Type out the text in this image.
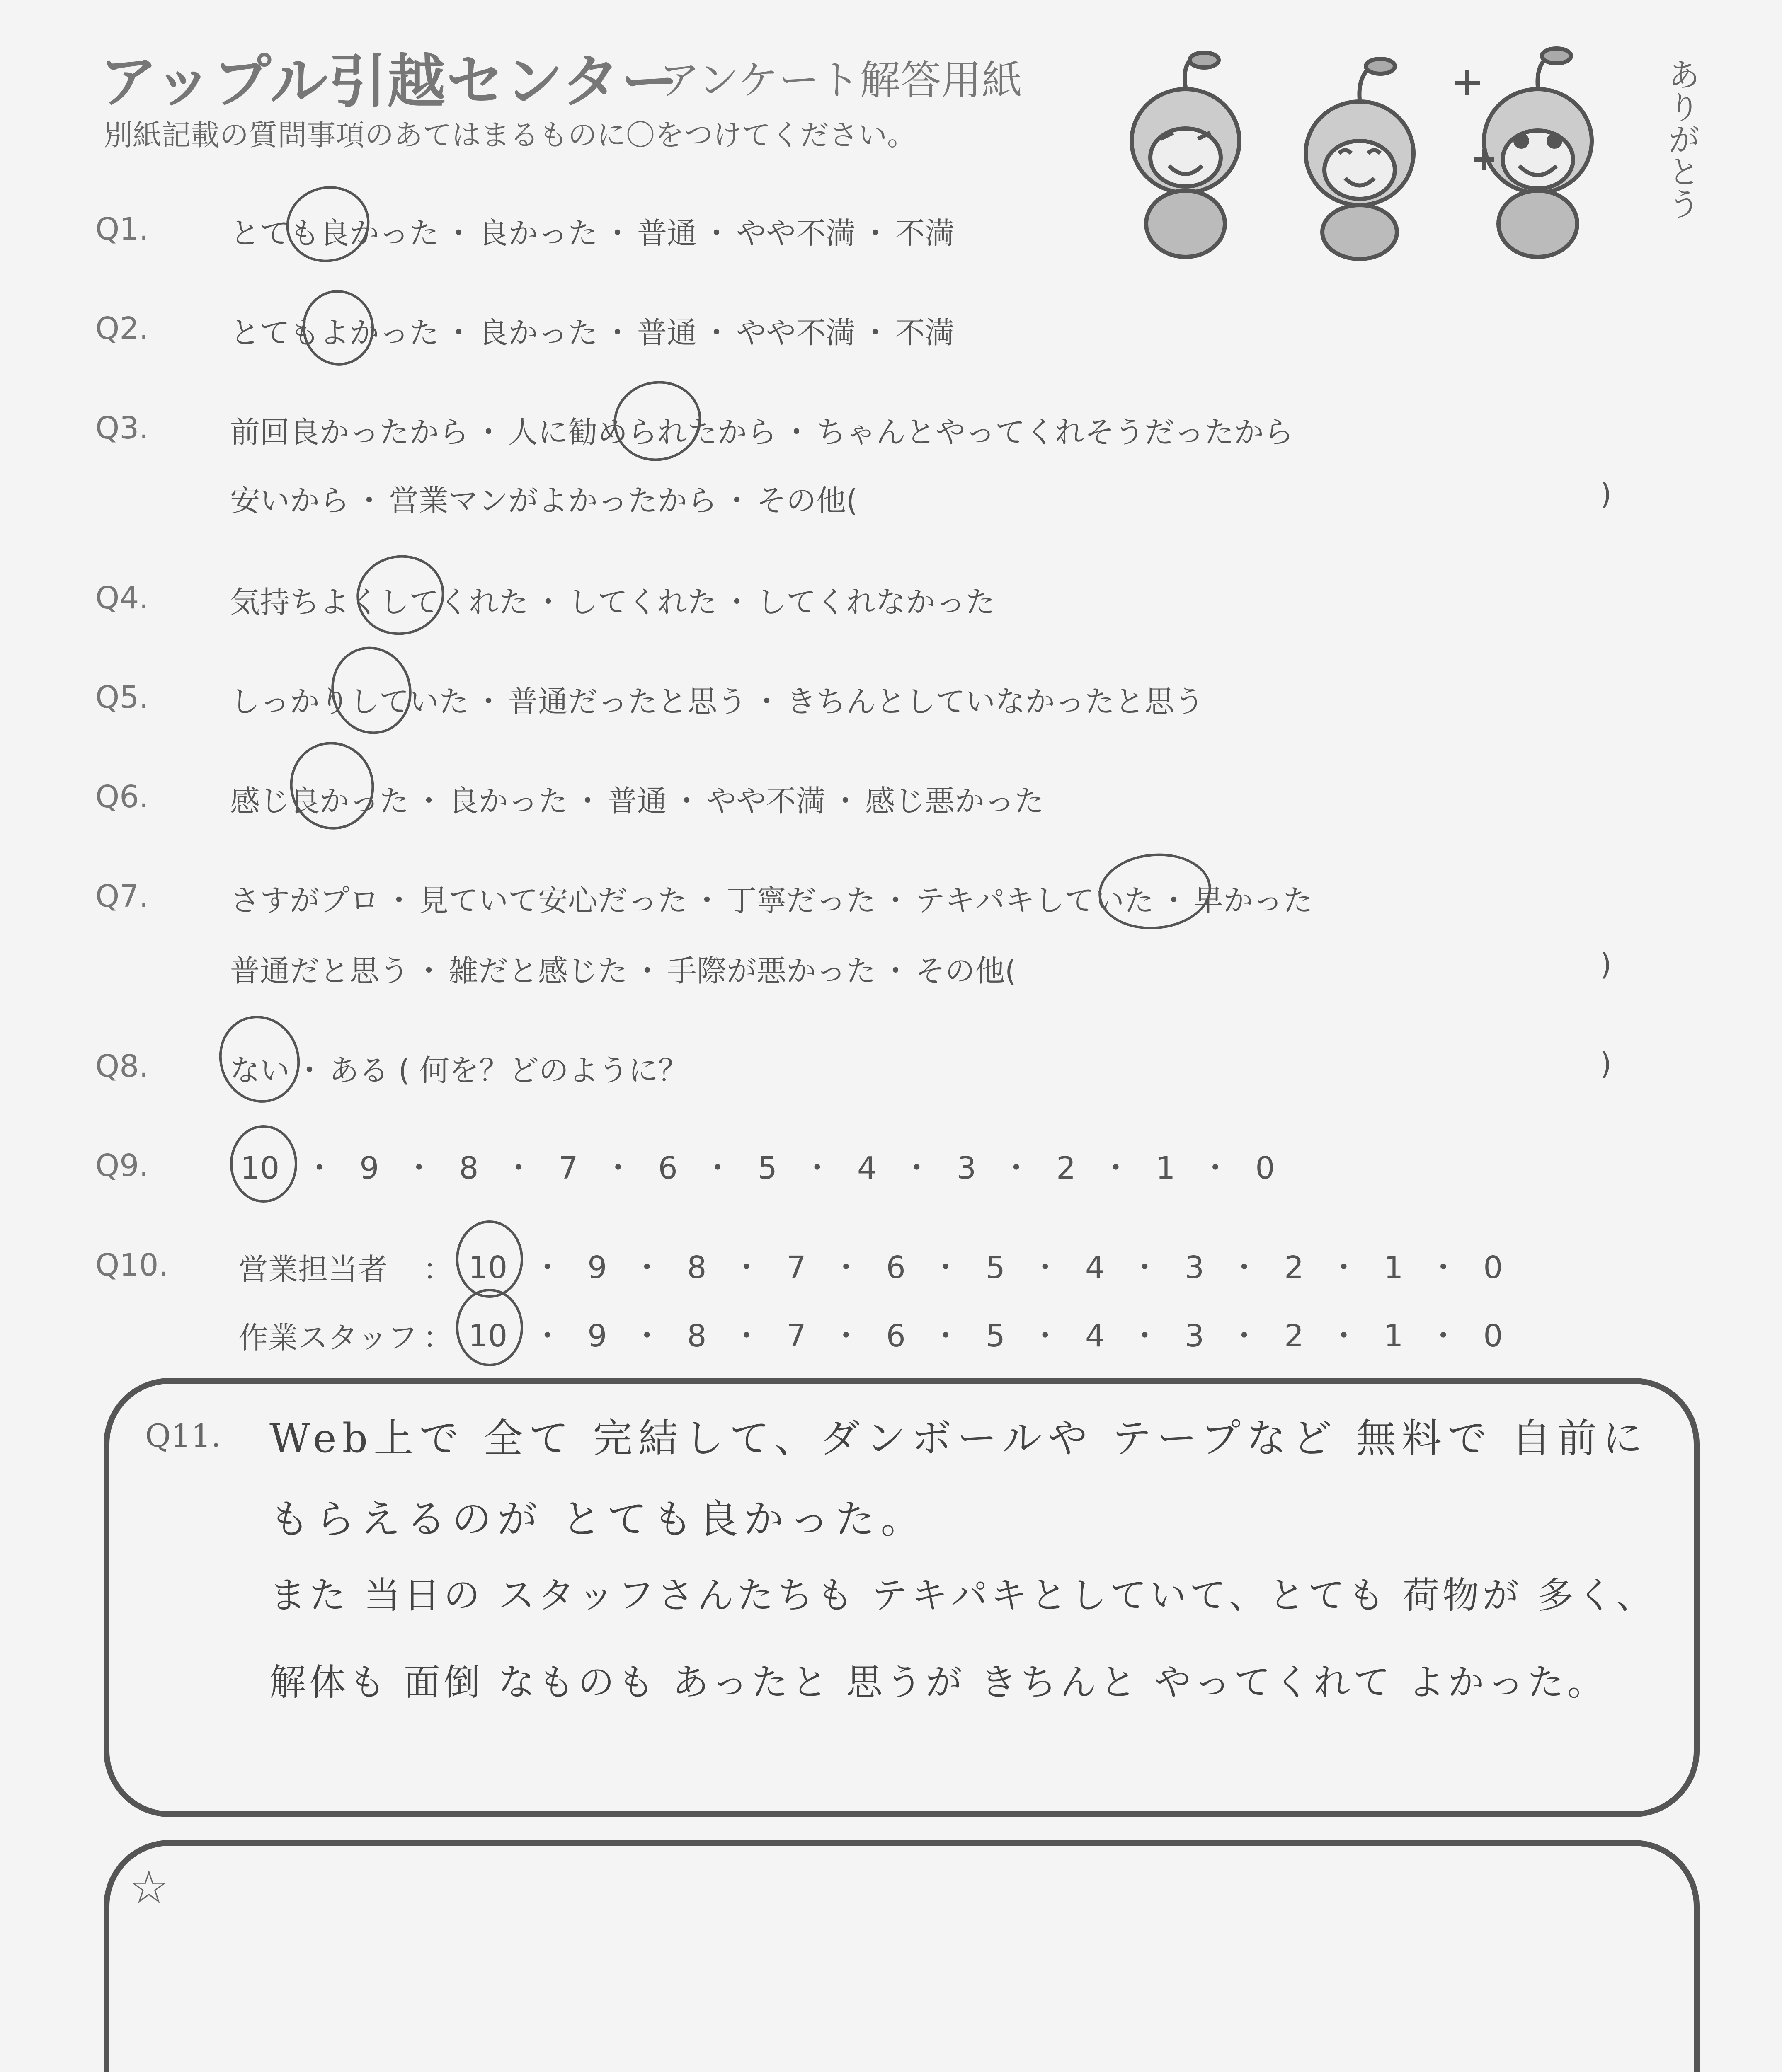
アップル引越センター
アンケート解答用紙
別紙記載の質問事項のあてはまるものに〇をつけてください。	ありがとう
Q1.	とても良かった ・ 良かった ・ 普通 ・ やや不満 ・ 不満
Q2.	とてもよかった ・ 良かった ・ 普通 ・ やや不満 ・ 不満
Q3.	前回良かったから ・ 人に勧められたから ・ ちゃんとやってくれそうだったから
安いから ・ 営業マンがよかったから ・ その他(	)
Q4.	気持ちよくしてくれた ・ してくれた ・ してくれなかった
Q5.	しっかりしていた ・ 普通だったと思う ・ きちんとしていなかったと思う
Q6.	感じ良かった ・ 良かった ・ 普通 ・ やや不満 ・ 感じ悪かった
Q7.	さすがプロ ・ 見ていて安心だった ・ 丁寧だった ・ テキパキしていた ・ 早かった
普通だと思う ・ 雑だと感じた ・ 手際が悪かった ・ その他(	)
Q8.	ない ・ ある ( 何を？どのように？	)
Q9.	10 ・ 9 ・ 8 ・ 7 ・ 6 ・ 5 ・ 4 ・ 3 ・ 2 ・ 1 ・ 0
Q10. 営業担当者 ： 10 ・ 9 ・ 8 ・ 7 ・ 6 ・ 5 ・ 4 ・ 3 ・ 2 ・ 1 ・ 0
作業スタッフ ： 10 ・ 9 ・ 8 ・ 7 ・ 6 ・ 5 ・ 4 ・ 3 ・ 2 ・ 1 ・ 0
Q11. Web上で 全て 完結して、ダンボールや テープなど 無料で 自前に
もらえるのが とても良かった。
また 当日の スタッフさんたちも テキパキとしていて、とても 荷物が 多く、
解体も 面倒 なものも あったと 思うが きちんと やってくれて よかった。
☆
